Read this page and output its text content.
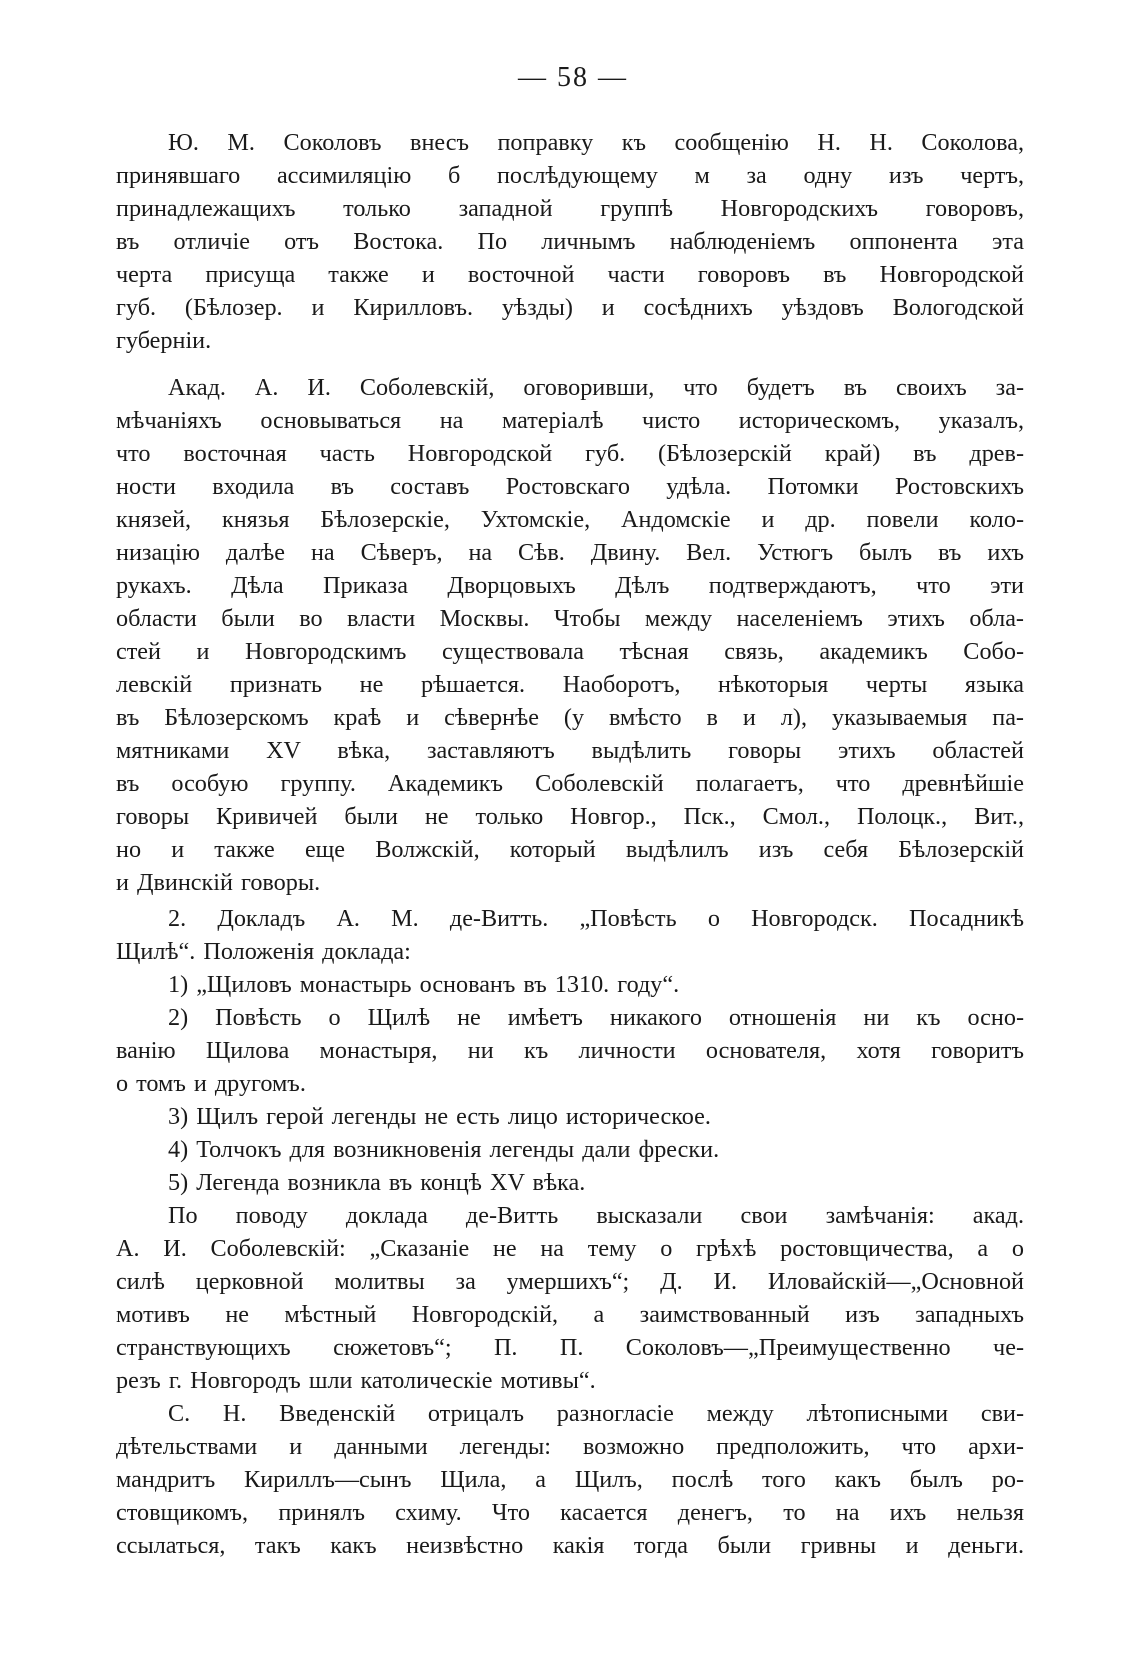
— 58 —
Ю. М. Соколовъ внесъ поправку къ сообщенію Н. Н. Соколова,
принявшаго ассимиляцію б послѣдующему м за одну изъ чертъ,
принадлежащихъ только западной группѣ Новгородскихъ говоровъ,
въ отличіе отъ Востока. По личнымъ наблюденіемъ оппонента эта
черта присуща также и восточной части говоровъ въ Новгородской
губ. (Бѣлозер. и Кирилловъ. уѣзды) и сосѣднихъ уѣздовъ Вологодской
губерніи.
Акад. А. И. Соболевскій, оговоривши, что будетъ въ своихъ за-
мѣчаніяхъ основываться на матеріалѣ чисто историческомъ, указалъ,
что восточная часть Новгородской губ. (Бѣлозерскій край) въ древ-
ности входила въ составъ Ростовскаго удѣла. Потомки Ростовскихъ
князей, князья Бѣлозерскіе, Ухтомскіе, Андомскіе и др. повели коло-
низацію далѣе на Сѣверъ, на Сѣв. Двину. Вел. Устюгъ былъ въ ихъ
рукахъ. Дѣла Приказа Дворцовыхъ Дѣлъ подтверждаютъ, что эти
области были во власти Москвы. Чтобы между населеніемъ этихъ обла-
стей и Новгородскимъ существовала тѣсная связь, академикъ Собо-
левскій признать не рѣшается. Наоборотъ, нѣкоторыя черты языка
въ Бѣлозерскомъ краѣ и сѣвернѣе (у вмѣсто в и л), указываемыя па-
мятниками XV вѣка, заставляютъ выдѣлить говоры этихъ областей
въ особую группу. Академикъ Соболевскій полагаетъ, что древнѣйшіе
говоры Кривичей были не только Новгор., Пск., Смол., Полоцк., Вит.,
но и также еще Волжскій, который выдѣлилъ изъ себя Бѣлозерскій
и Двинскій говоры.
2. Докладъ А. М. де-Витть. „Повѣсть о Новгородск. Посадникѣ
Щилѣ“. Положенія доклада:
1) „Щиловъ монастырь основанъ въ 1310. году“.
2) Повѣсть о Щилѣ не имѣетъ никакого отношенія ни къ осно-
ванію Щилова монастыря, ни къ личности основателя, хотя говоритъ
о томъ и другомъ.
3) Щилъ герой легенды не есть лицо историческое.
4) Толчокъ для возникновенія легенды дали фрески.
5) Легенда возникла въ концѣ XV вѣка.
По поводу доклада де-Витть высказали свои замѣчанія: акад.
А. И. Соболевскій: „Сказаніе не на тему о грѣхѣ ростовщичества, а о
силѣ церковной молитвы за умершихъ“; Д. И. Иловайскій—„Основной
мотивъ не мѣстный Новгородскій, а заимствованный изъ западныхъ
странствующихъ сюжетовъ“; П. П. Соколовъ—„Преимущественно че-
резъ г. Новгородъ шли католическіе мотивы“.
С. Н. Введенскій отрицалъ разногласіе между лѣтописными сви-
дѣтельствами и данными легенды: возможно предположить, что архи-
мандритъ Кириллъ—сынъ Щила, а Щилъ, послѣ того какъ былъ ро-
стовщикомъ, принялъ схиму. Что касается денегъ, то на ихъ нельзя
ссылаться, такъ какъ неизвѣстно какія тогда были гривны и деньги.
